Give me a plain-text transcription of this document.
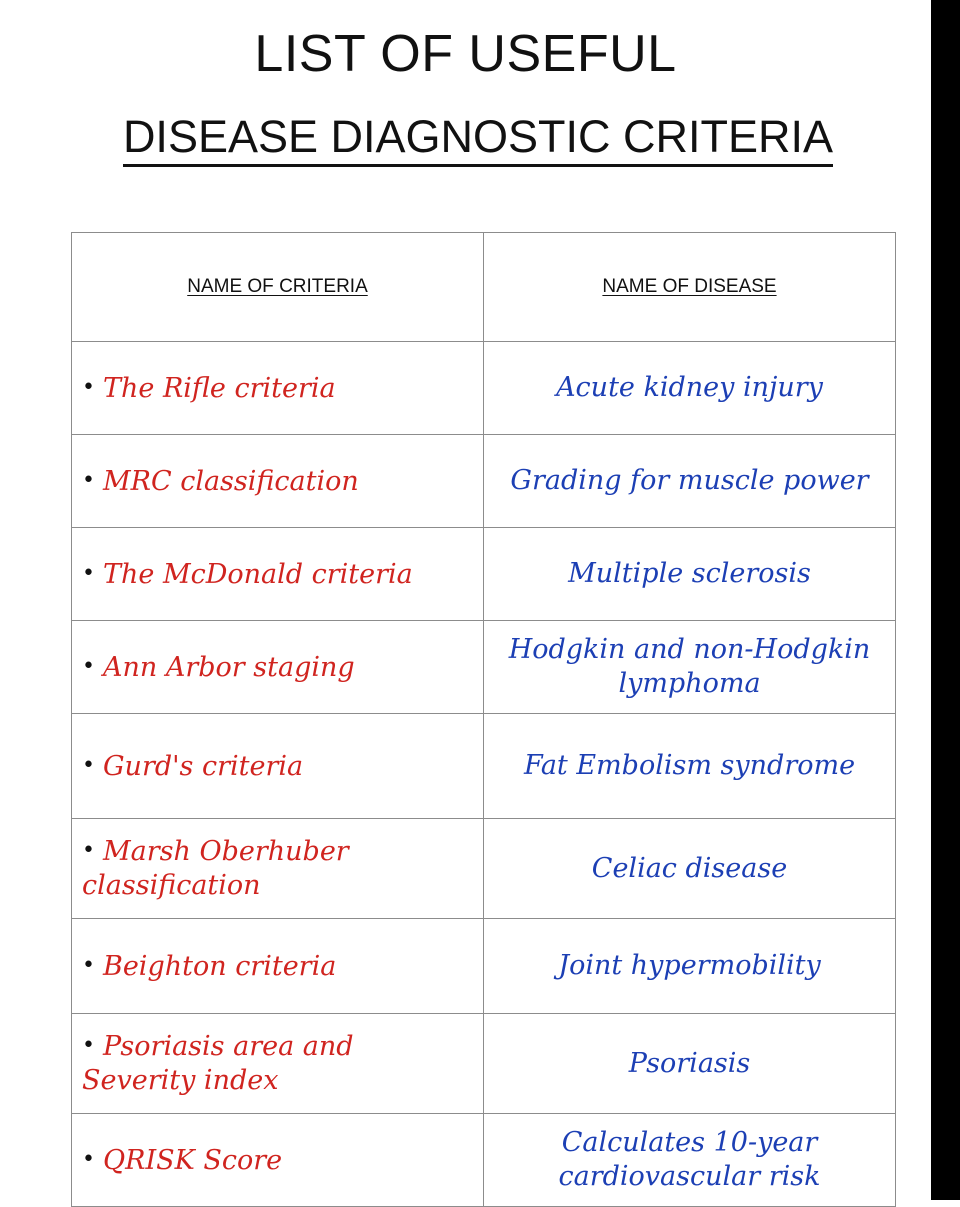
LIST OF USEFUL
DISEASE DIAGNOSTIC CRITERIA
NAME OF CRITERIA	NAME OF DISEASE
• The Rifle criteria	Acute kidney injury
• MRC classification	Grading for muscle power
• The McDonald criteria	Multiple sclerosis
• Ann Arbor staging	Hodgkin and non-Hodgkin lymphoma
• Gurd's criteria	Fat Embolism syndrome
• Marsh Oberhuber classification	Celiac disease
• Beighton criteria	Joint hypermobility
• Psoriasis area and Severity index	Psoriasis
• QRISK Score	Calculates 10-year cardiovascular risk
